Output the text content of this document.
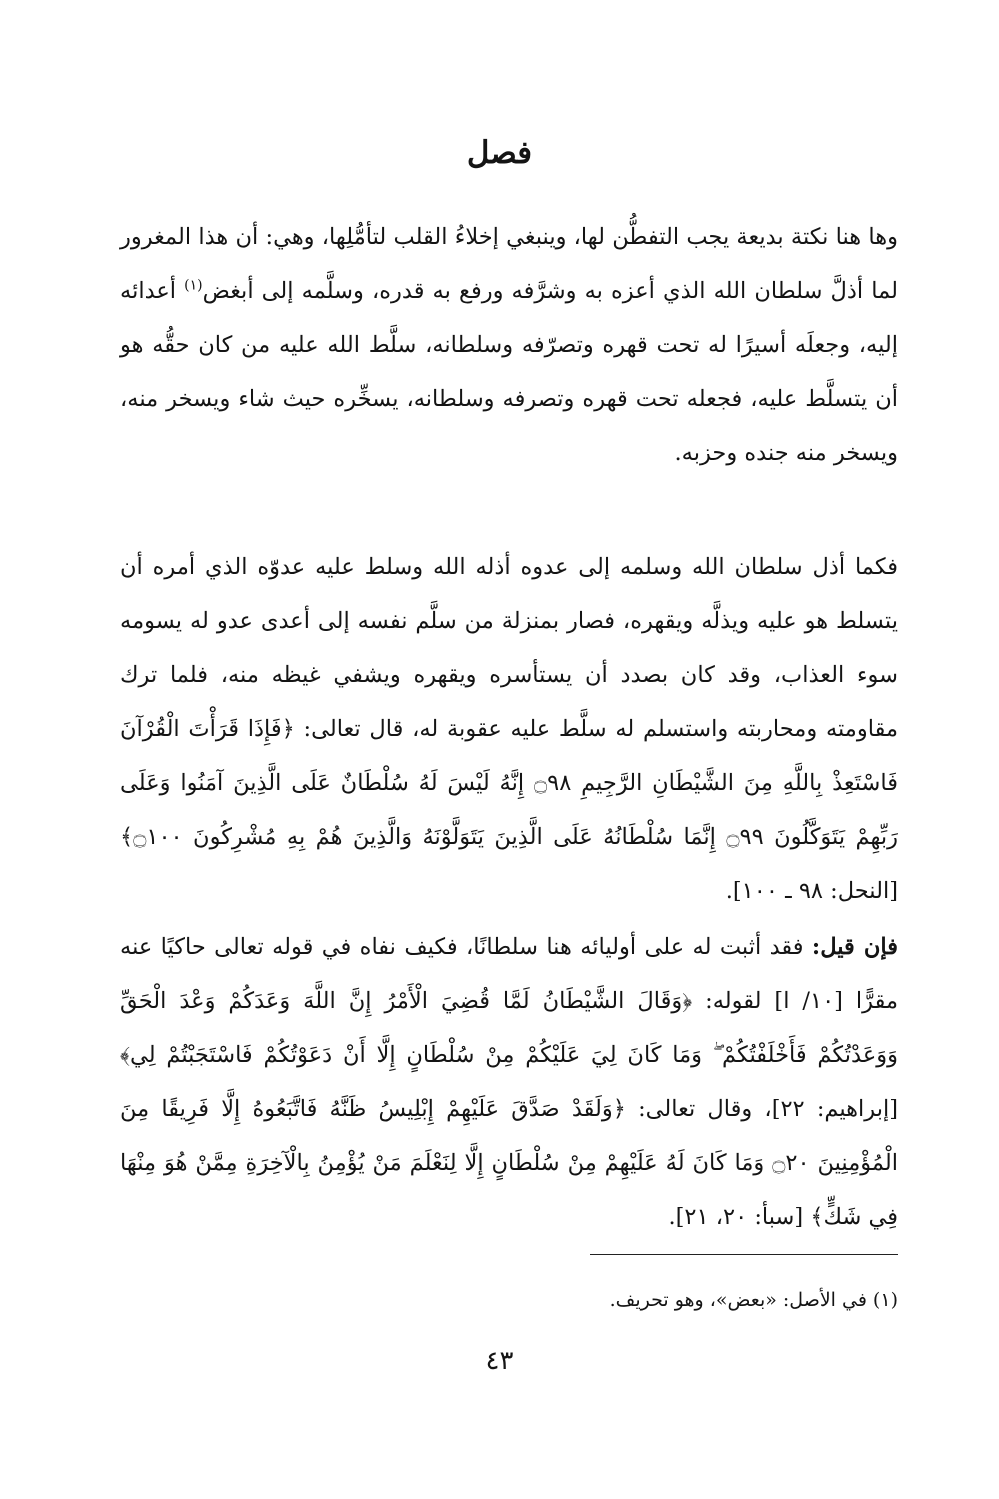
فصل

وها هنا نكتة بديعة يجب التفطُّن لها، وينبغي إخلاءُ القلب لتأمُّلِها، وهي: أن هذا المغرور لما أذلَّ سلطان الله الذي أعزه به وشرَّفه ورفع به قدره، وسلَّمه إلى أبغض$^{(١)}$ أعدائه إليه، وجعلَه أسيرًا له تحت قهره وتصرّفه وسلطانه، سلَّط الله عليه من كان حقُّه هو أن يتسلَّط عليه، فجعله تحت قهره وتصرفه وسلطانه، يسخِّره حيث شاء ويسخر منه، ويسخر منه جنده وحزبه.

فكما أذل سلطان الله وسلمه إلى عدوه أذله الله وسلط عليه عدوّه الذي أمره أن يتسلط هو عليه ويذلَّه ويقهره، فصار بمنزلة من سلَّم نفسه إلى أعدى عدو له يسومه سوء العذاب، وقد كان بصدد أن يستأسره ويقهره ويشفي غيظه منه، فلما ترك مقاومته ومحاربته واستسلم له سلَّط عليه عقوبة له، قال تعالى: ﴿فَإِذَا قَرَأْتَ الْقُرْآنَ فَاسْتَعِذْ بِاللَّهِ مِنَ الشَّيْطَانِ الرَّجِيمِ ۝٩٨ إِنَّهُ لَيْسَ لَهُ سُلْطَانٌ عَلَى الَّذِينَ آمَنُوا وَعَلَى رَبِّهِمْ يَتَوَكَّلُونَ ۝٩٩ إِنَّمَا سُلْطَانُهُ عَلَى الَّذِينَ يَتَوَلَّوْنَهُ وَالَّذِينَ هُمْ بِهِ مُشْرِكُونَ ۝١٠٠﴾ [النحل: ٩٨ ـ ١٠٠].

فإن قيل: فقد أثبت له على أوليائه هنا سلطانًا، فكيف نفاه في قوله تعالى حاكيًا عنه مقرًّا [١٠/ ا] لقوله: ﴿وَقَالَ الشَّيْطَانُ لَمَّا قُضِيَ الْأَمْرُ إِنَّ اللَّهَ وَعَدَكُمْ وَعْدَ الْحَقِّ وَوَعَدْتُكُمْ فَأَخْلَفْتُكُمْ ۖ وَمَا كَانَ لِيَ عَلَيْكُمْ مِنْ سُلْطَانٍ إِلَّا أَنْ دَعَوْتُكُمْ فَاسْتَجَبْتُمْ لِي﴾ [إبراهيم: ٢٢]، وقال تعالى: ﴿وَلَقَدْ صَدَّقَ عَلَيْهِمْ إِبْلِيسُ ظَنَّهُ فَاتَّبَعُوهُ إِلَّا فَرِيقًا مِنَ الْمُؤْمِنِينَ ۝٢٠ وَمَا كَانَ لَهُ عَلَيْهِمْ مِنْ سُلْطَانٍ إِلَّا لِنَعْلَمَ مَنْ يُؤْمِنُ بِالْآخِرَةِ مِمَّنْ هُوَ مِنْهَا فِي شَكٍّ﴾ [سبأ: ٢٠، ٢١].

(١) في الأصل: «بعض»، وهو تحريف.

٤٣
